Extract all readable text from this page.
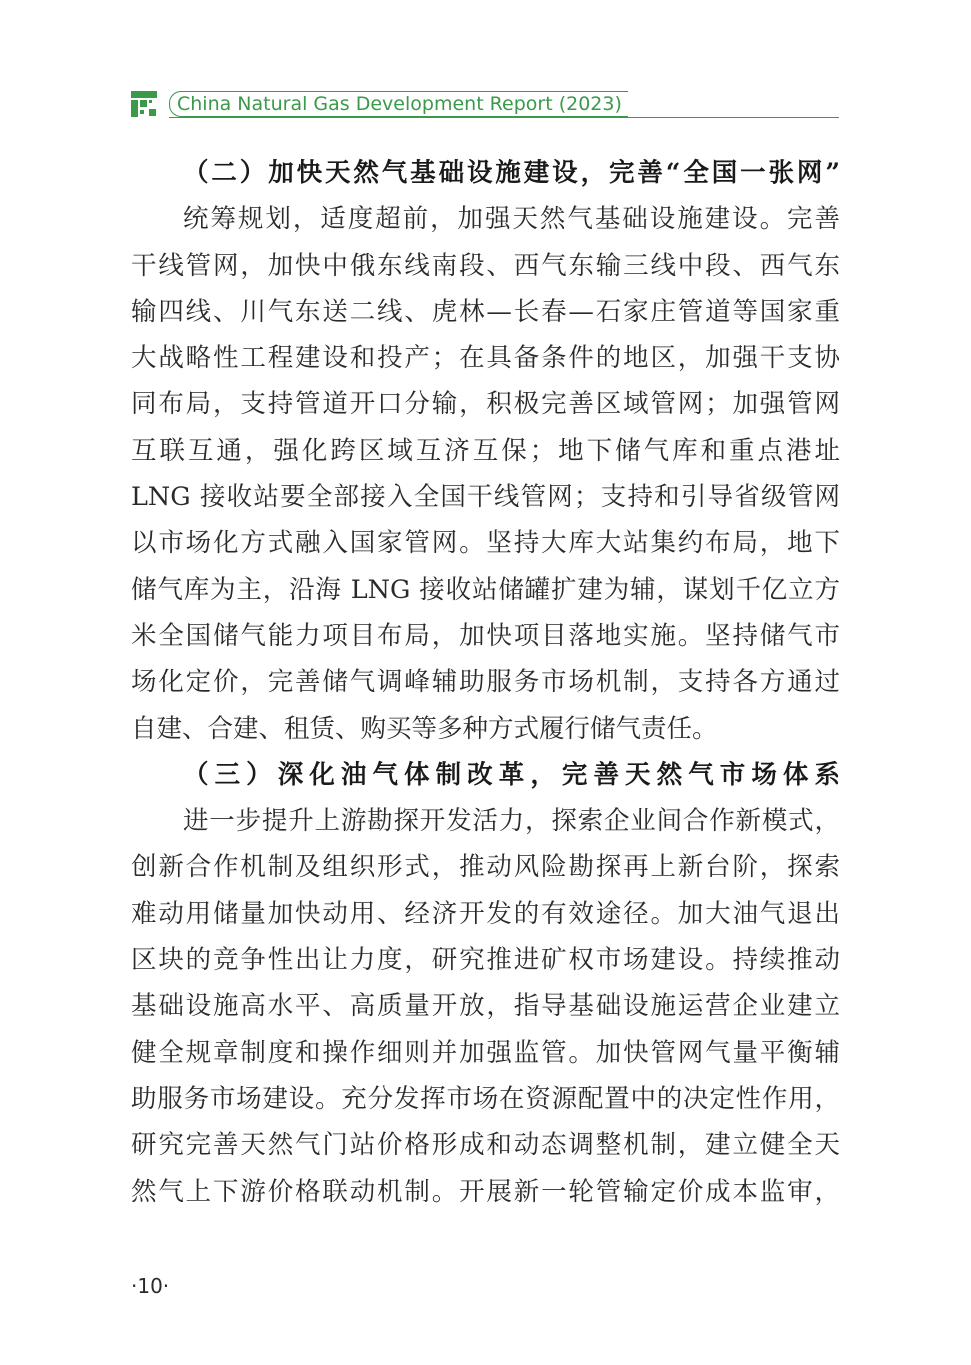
China Natural Gas Development Report (2023)
（二）加快天然气基础设施建设，完善“全国一张网”
统筹规划，适度超前，加强天然气基础设施建设。完善
干线管网，加快中俄东线南段、西气东输三线中段、西气东
输四线、川气东送二线、虎林—长春—石家庄管道等国家重
大战略性工程建设和投产；在具备条件的地区，加强干支协
同布局，支持管道开口分输，积极完善区域管网；加强管网
互联互通，强化跨区域互济互保；地下储气库和重点港址
LNG 接收站要全部接入全国干线管网；支持和引导省级管网
以市场化方式融入国家管网。坚持大库大站集约布局，地下
储气库为主，沿海 LNG 接收站储罐扩建为辅，谋划千亿立方
米全国储气能力项目布局，加快项目落地实施。坚持储气市
场化定价，完善储气调峰辅助服务市场机制，支持各方通过
自建、合建、租赁、购买等多种方式履行储气责任。
（三）深化油气体制改革，完善天然气市场体系
进一步提升上游勘探开发活力，探索企业间合作新模式，
创新合作机制及组织形式，推动风险勘探再上新台阶，探索
难动用储量加快动用、经济开发的有效途径。加大油气退出
区块的竞争性出让力度，研究推进矿权市场建设。持续推动
基础设施高水平、高质量开放，指导基础设施运营企业建立
健全规章制度和操作细则并加强监管。加快管网气量平衡辅
助服务市场建设。充分发挥市场在资源配置中的决定性作用，
研究完善天然气门站价格形成和动态调整机制，建立健全天
然气上下游价格联动机制。开展新一轮管输定价成本监审，
·10·
